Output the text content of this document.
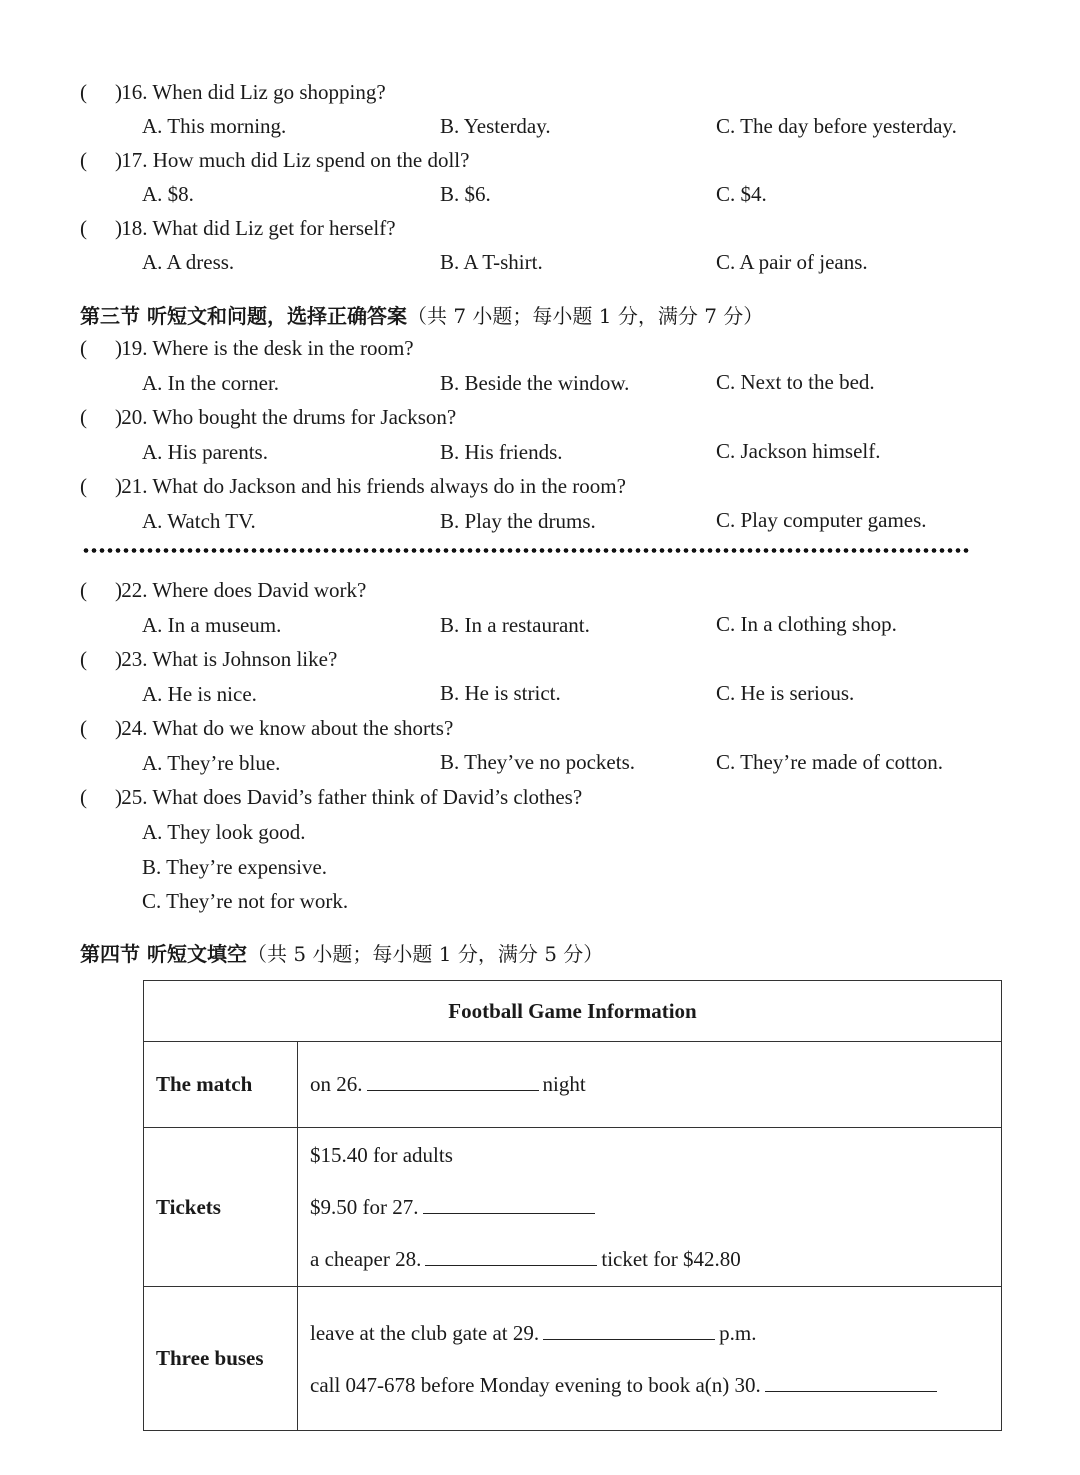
( ) 16. When did Liz go shopping?
A. This morning.	B. Yesterday.	C. The day before yesterday.
( ) 17. How much did Liz spend on the doll?
A. $8.	B. $6.	C. $4.
( ) 18. What did Liz get for herself?
A. A dress.	B. A T-shirt.	C. A pair of jeans.
第三节 听短文和问题，选择正确答案（共 7 小题；每小题 1 分，满分 7 分）
( ) 19. Where is the desk in the room?
A. In the corner.	B. Beside the window.	C. Next to the bed.
( ) 20. Who bought the drums for Jackson?
A. His parents.	B. His friends.	C. Jackson himself.
( ) 21. What do Jackson and his friends always do in the room?
A. Watch TV.	B. Play the drums.	C. Play computer games.
( ) 22. Where does David work?
A. In a museum.	B. In a restaurant.	C. In a clothing shop.
( ) 23. What is Johnson like?
A. He is nice.	B. He is strict.	C. He is serious.
( ) 24. What do we know about the shorts?
A. They’re blue.	B. They’ve no pockets.	C. They’re made of cotton.
( ) 25. What does David’s father think of David’s clothes?
A. They look good.
B. They’re expensive.
C. They’re not for work.
第四节 听短文填空（共 5 小题；每小题 1 分，满分 5 分）
Football Game Information	
The match	on 26. night
Tickets	$15.40 for adults
$9.50 for 27.
a cheaper 28. ticket for $42.80

Three buses	leave at the club gate at 29. p.m.
call 047-678 before Monday evening to book a(n) 30.
